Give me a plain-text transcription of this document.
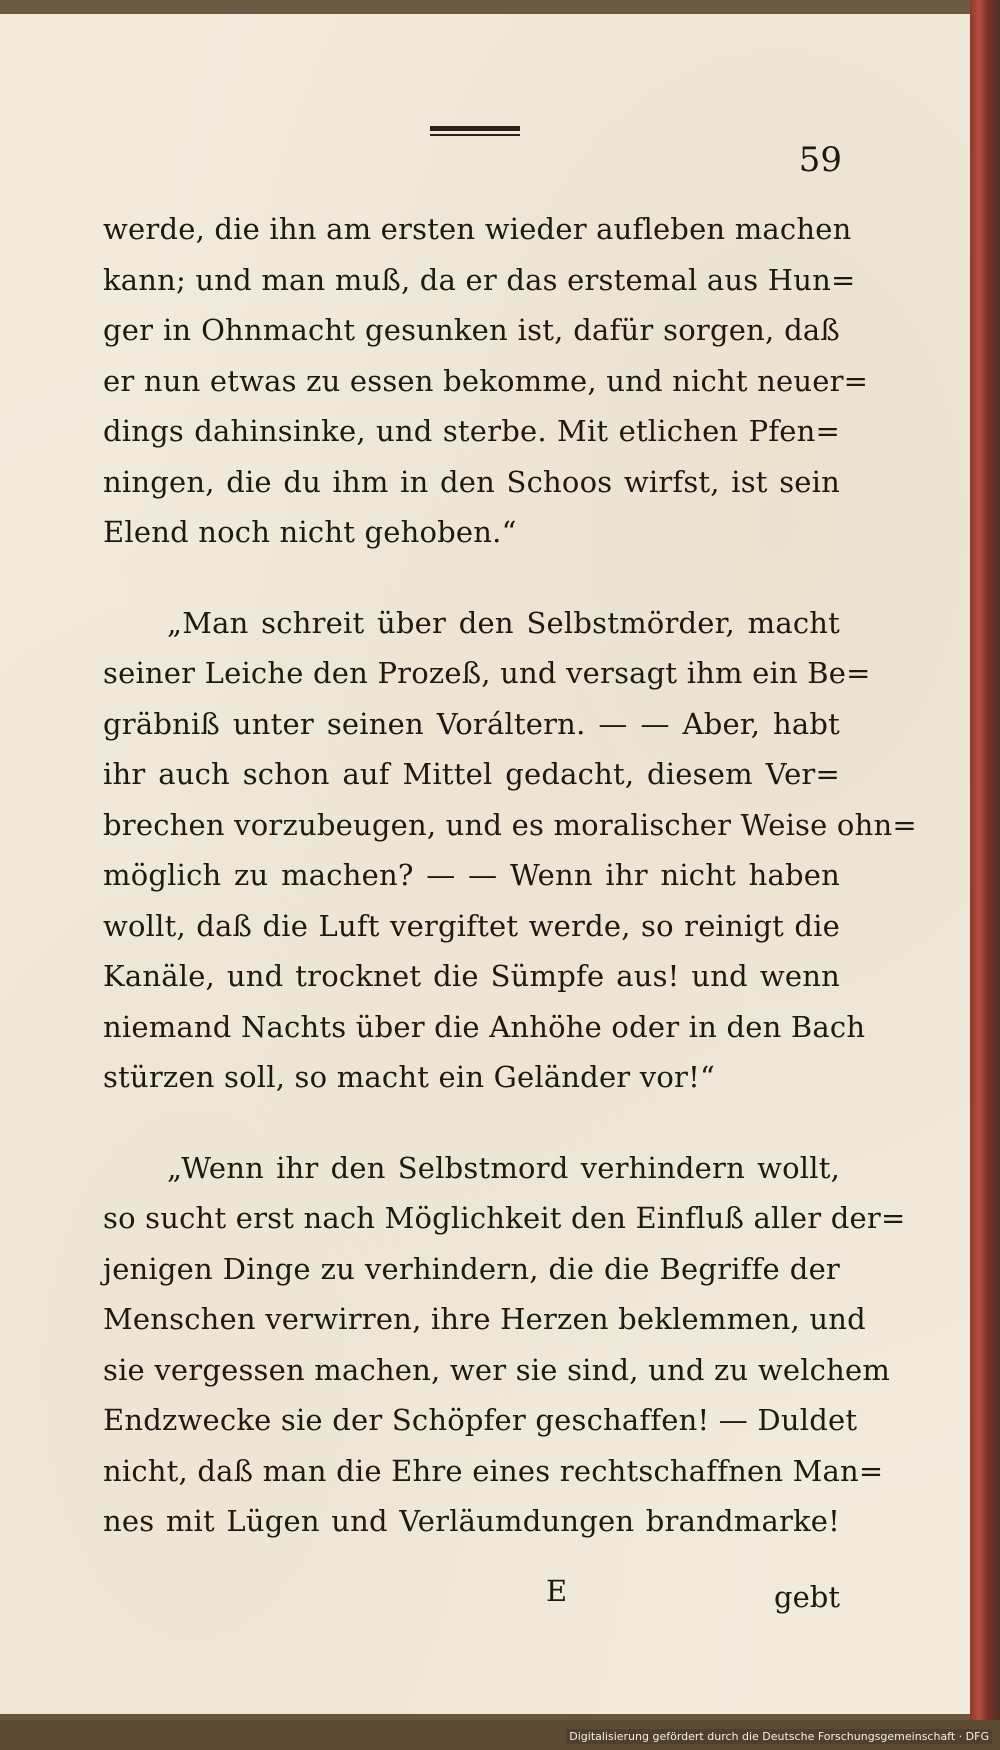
59
werde, die ihn am ersten wieder aufleben machen
kann; und man muß, da er das erstemal aus Hun=
ger in Ohnmacht gesunken ist, dafür sorgen, daß
er nun etwas zu essen bekomme, und nicht neuer=
dings dahinsinke, und sterbe. Mit etlichen Pfen=
ningen, die du ihm in den Schoos wirfst, ist sein
Elend noch nicht gehoben.“
„Man schreit über den Selbstmörder, macht
seiner Leiche den Prozeß, und versagt ihm ein Be=
gräbniß unter seinen Voráltern. — — Aber, habt
ihr auch schon auf Mittel gedacht, diesem Ver=
brechen vorzubeugen, und es moralischer Weise ohn=
möglich zu machen? — — Wenn ihr nicht haben
wollt, daß die Luft vergiftet werde, so reinigt die
Kanäle, und trocknet die Sümpfe aus! und wenn
niemand Nachts über die Anhöhe oder in den Bach
stürzen soll, so macht ein Geländer vor!“
„Wenn ihr den Selbstmord verhindern wollt,
so sucht erst nach Möglichkeit den Einfluß aller der=
jenigen Dinge zu verhindern, die die Begriffe der
Menschen verwirren, ihre Herzen beklemmen, und
sie vergessen machen, wer sie sind, und zu welchem
Endzwecke sie der Schöpfer geschaffen! — Duldet
nicht, daß man die Ehre eines rechtschaffnen Man=
nes mit Lügen und Verläumdungen brandmarke!
E	gebt
Digitalisierung gefördert durch die Deutsche Forschungsgemeinschaft · DFG
